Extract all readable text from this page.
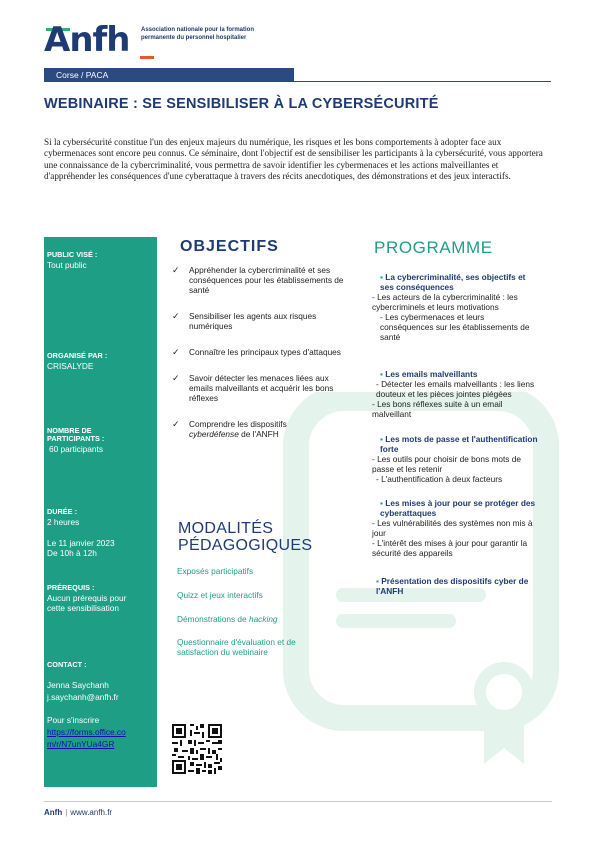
Anfh Association nationale pour la formation permanente du personnel hospitalier
Corse / PACA
WEBINAIRE : SE SENSIBILISER À LA CYBERSÉCURITÉ
Si la cybersécurité constitue l'un des enjeux majeurs du numérique, les risques et les bons comportements à adopter face aux cybermenaces sont encore peu connus. Ce séminaire, dont l'objectif est de sensibiliser les participants à la cybersécurité, vous apportera une connaissance de la cybercriminalité, vous permettra de savoir identifier les cybermenaces et les actions malveillantes et d'appréhender les conséquences d'une cyberattaque à travers des récits anecdotiques, des démonstrations et des jeux interactifs.
PUBLIC VISÉ :
Tout public
ORGANISÉ PAR :
CRISALYDE
NOMBRE DE
PARTICIPANTS :
60 participants
DURÉE :
2 heures
Le 11 janvier 2023
De 10h à 12h
PRÉREQUIS :
Aucun prérequis pour
cette sensibilisation
CONTACT :
Jenna Saychanh
j.saychanh@anfh.fr
Pour s'inscrire
https://forms.office.co
m/r/N7unYUa4GR
OBJECTIFS
✓ Appréhender la cybercriminalité et ses conséquences pour les établissements de santé
✓ Sensibiliser les agents aux risques numériques
✓ Connaître les principaux types d'attaques
✓ Savoir détecter les menaces liées aux emails malveillants et acquérir les bons réflexes
✓ Comprendre les dispositifs
cyberdéfense de l'ANFH
MODALITÉS
PÉDAGOGIQUES
Exposés participatifs
Quizz et jeux interactifs
Démonstrations de hacking
Questionnaire d'évaluation et de
satisfaction du webinaire
PROGRAMME
▪ La cybercriminalité, ses objectifs et ses conséquences
- Les acteurs de la cybercriminalité : les cybercriminels et leurs motivations
- Les cybermenaces et leurs conséquences sur les établissements de santé
▪ Les emails malveillants
- Détecter les emails malveillants : les liens douteux et les pièces jointes piégées
- Les bons réflexes suite à un email malveillant
▪ Les mots de passe et l'authentification forte
- Les outils pour choisir de bons mots de passe et les retenir
- L'authentification à deux facteurs
▪ Les mises à jour pour se protéger des cyberattaques
- Les vulnérabilités des systèmes non mis à jour
- L'intérêt des mises à jour pour garantir la sécurité des appareils
▪ Présentation des dispositifs cyber de l'ANFH
Anfh | www.anfh.fr
